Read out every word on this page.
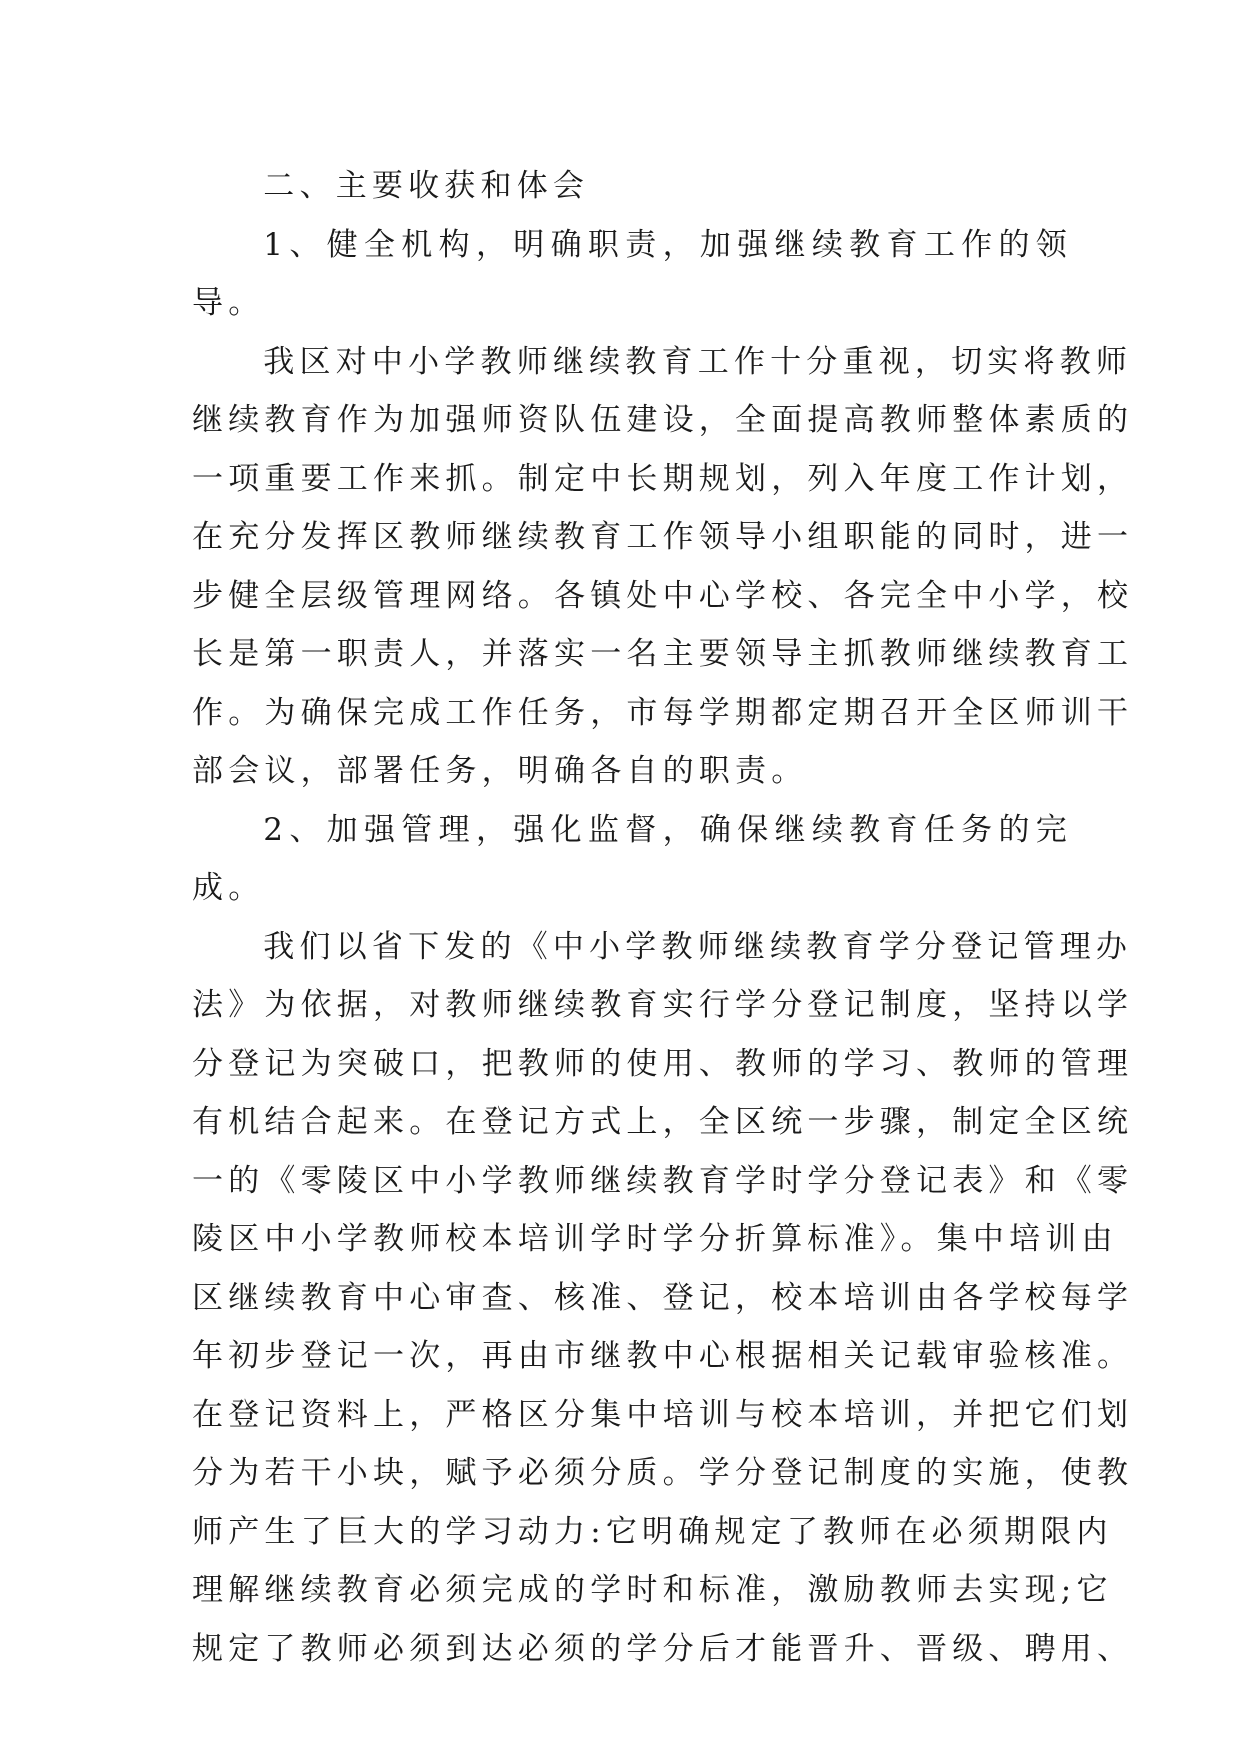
二、主要收获和体会

1、健全机构，明确职责，加强继续教育工作的领导。

我区对中小学教师继续教育工作十分重视，切实将教师
继续教育作为加强师资队伍建设，全面提高教师整体素质的
一项重要工作来抓。制定中长期规划，列入年度工作计划，
在充分发挥区教师继续教育工作领导小组职能的同时，进一
步健全层级管理网络。各镇处中心学校、各完全中小学，校
长是第一职责人，并落实一名主要领导主抓教师继续教育工
作。为确保完成工作任务，市每学期都定期召开全区师训干
部会议，部署任务，明确各自的职责。

2、加强管理，强化监督，确保继续教育任务的完成。

我们以省下发的《中小学教师继续教育学分登记管理办
法》为依据，对教师继续教育实行学分登记制度，坚持以学
分登记为突破口，把教师的使用、教师的学习、教师的管理
有机结合起来。在登记方式上，全区统一步骤，制定全区统
一的《零陵区中小学教师继续教育学时学分登记表》和《零
陵区中小学教师校本培训学时学分折算标准》。集中培训由
区继续教育中心审查、核准、登记，校本培训由各学校每学
年初步登记一次，再由市继教中心根据相关记载审验核准。
在登记资料上，严格区分集中培训与校本培训，并把它们划
分为若干小块，赋予必须分质。学分登记制度的实施，使教
师产生了巨大的学习动力:它明确规定了教师在必须期限内
理解继续教育必须完成的学时和标准，激励教师去实现;它
规定了教师必须到达必须的学分后才能晋升、晋级、聘用、
